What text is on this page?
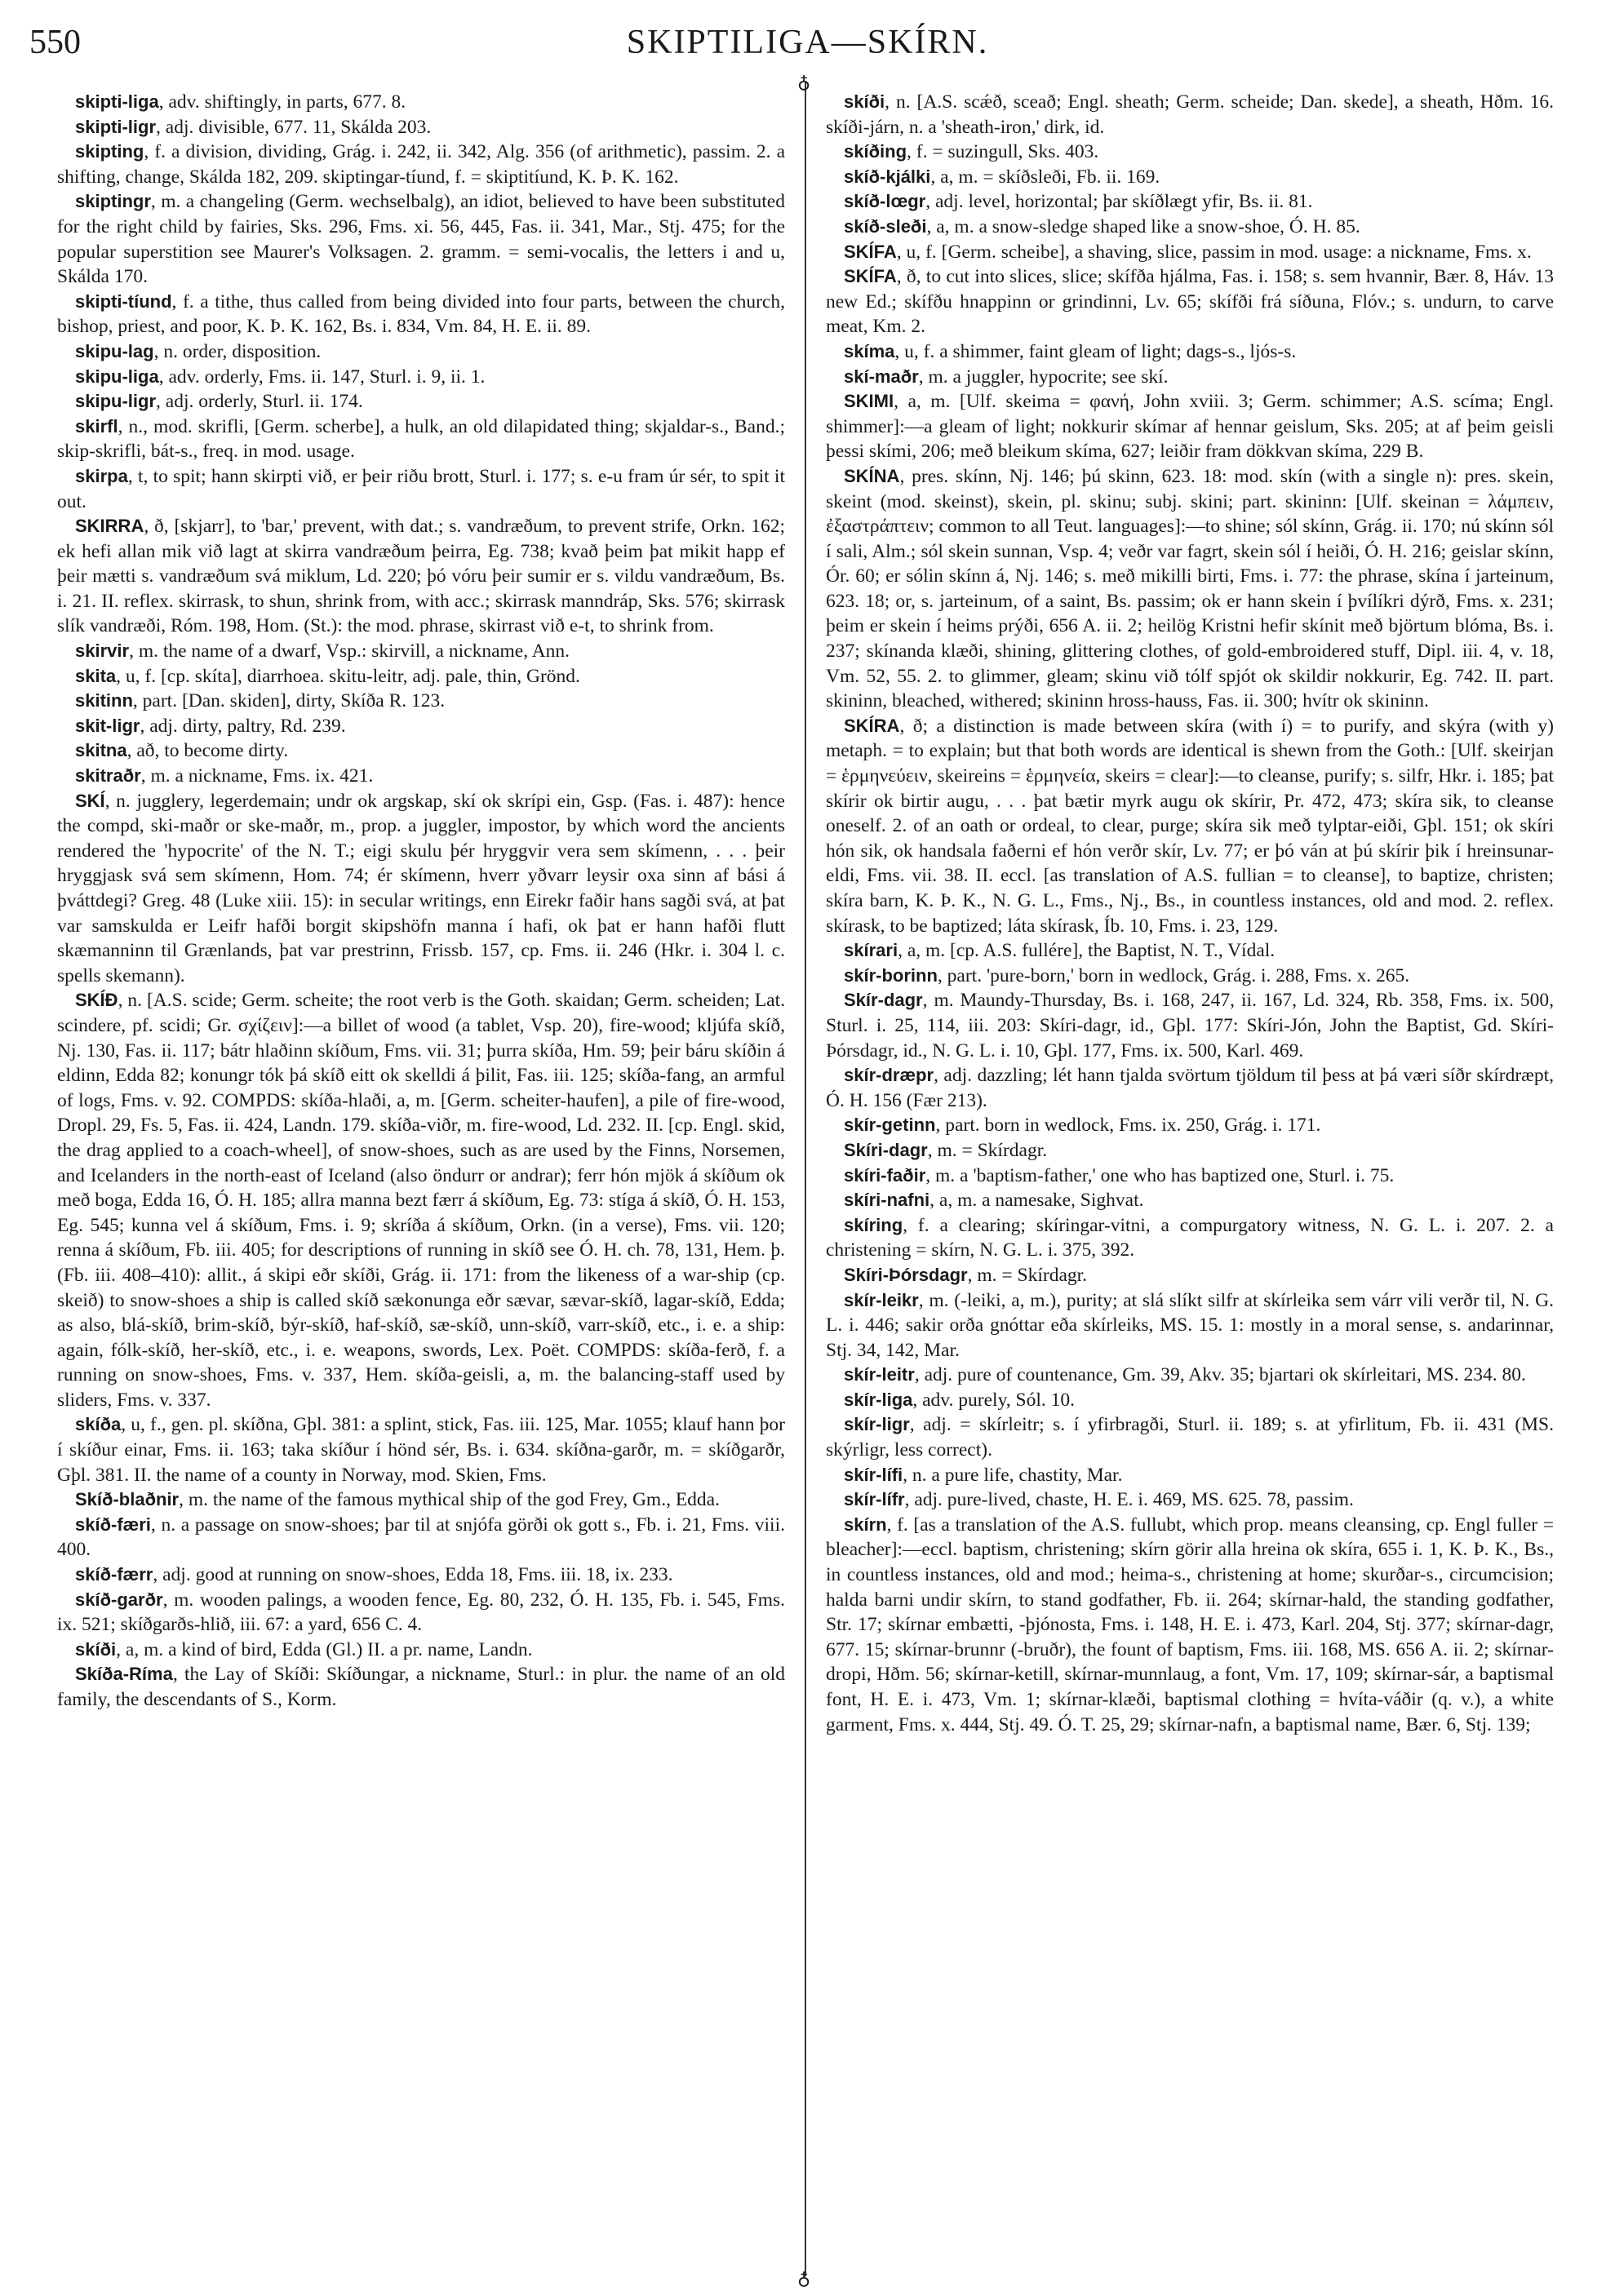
550	SKIPTILIGA—SKÍRN.
♁
♁

skipti-liga, adv. shiftingly, in parts, 677. 8.

skipti-ligr, adj. divisible, 677. 11, Skálda 203.

skipting, f. a division, dividing, Grág. i. 242, ii. 342, Alg. 356 (of arithmetic), passim. 2. a shifting, change, Skálda 182, 209. skiptingar-tíund, f. = skiptitíund, K. Þ. K. 162.

skiptingr, m. a changeling (Germ. wechselbalg), an idiot, believed to have been substituted for the right child by fairies, Sks. 296, Fms. xi. 56, 445, Fas. ii. 341, Mar., Stj. 475; for the popular superstition see Maurer's Volksagen. 2. gramm. = semi-vocalis, the letters i and u, Skálda 170.

skipti-tíund, f. a tithe, thus called from being divided into four parts, between the church, bishop, priest, and poor, K. Þ. K. 162, Bs. i. 834, Vm. 84, H. E. ii. 89.

skipu-lag, n. order, disposition.

skipu-liga, adv. orderly, Fms. ii. 147, Sturl. i. 9, ii. 1.

skipu-ligr, adj. orderly, Sturl. ii. 174.

skirfl, n., mod. skrifli, [Germ. scherbe], a hulk, an old dilapidated thing; skjaldar-s., Band.; skip-skrifli, bát-s., freq. in mod. usage.

skirpa, t, to spit; hann skirpti við, er þeir riðu brott, Sturl. i. 177; s. e-u fram úr sér, to spit it out.

SKIRRA, ð, [skjarr], to 'bar,' prevent, with dat.; s. vandræðum, to prevent strife, Orkn. 162; ek hefi allan mik við lagt at skirra vandræðum þeirra, Eg. 738; kvað þeim þat mikit happ ef þeir mætti s. vandræðum svá miklum, Ld. 220; þó vóru þeir sumir er s. vildu vandræðum, Bs. i. 21. II. reflex. skirrask, to shun, shrink from, with acc.; skirrask manndráp, Sks. 576; skirrask slík vandræði, Róm. 198, Hom. (St.): the mod. phrase, skirrast við e-t, to shrink from.

skirvir, m. the name of a dwarf, Vsp.: skirvill, a nickname, Ann.

skita, u, f. [cp. skíta], diarrhoea. skitu-leitr, adj. pale, thin, Grönd.

skitinn, part. [Dan. skiden], dirty, Skíða R. 123.

skit-ligr, adj. dirty, paltry, Rd. 239.

skitna, að, to become dirty.

skitraðr, m. a nickname, Fms. ix. 421.

SKÍ, n. jugglery, legerdemain; undr ok argskap, skí ok skrípi ein, Gsp. (Fas. i. 487): hence the compd, ski-maðr or ske-maðr, m., prop. a juggler, impostor, by which word the ancients rendered the 'hypocrite' of the N. T.; eigi skulu þér hryggvir vera sem skímenn, . . . þeir hryggjask svá sem skímenn, Hom. 74; ér skímenn, hverr yðvarr leysir oxa sinn af bási á þváttdegi? Greg. 48 (Luke xiii. 15): in secular writings, enn Eirekr faðir hans sagði svá, at þat var samskulda er Leifr hafði borgit skipshöfn manna í hafi, ok þat er hann hafði flutt skæmanninn til Grænlands, þat var prestrinn, Frissb. 157, cp. Fms. ii. 246 (Hkr. i. 304 l. c. spells skemann).

SKÍÐ, n. [A.S. scide; Germ. scheite; the root verb is the Goth. skaidan; Germ. scheiden; Lat. scindere, pf. scidi; Gr. σχίζειν]:—a billet of wood (a tablet, Vsp. 20), fire-wood; kljúfa skíð, Nj. 130, Fas. ii. 117; bátr hlaðinn skíðum, Fms. vii. 31; þurra skíða, Hm. 59; þeir báru skíðin á eldinn, Edda 82; konungr tók þá skíð eitt ok skelldi á þilit, Fas. iii. 125; skíða-fang, an armful of logs, Fms. v. 92. COMPDS: skíða-hlaði, a, m. [Germ. scheiter-haufen], a pile of fire-wood, Dropl. 29, Fs. 5, Fas. ii. 424, Landn. 179. skíða-viðr, m. fire-wood, Ld. 232. II. [cp. Engl. skid, the drag applied to a coach-wheel], of snow-shoes, such as are used by the Finns, Norsemen, and Icelanders in the north-east of Iceland (also öndurr or andrar); ferr hón mjök á skíðum ok með boga, Edda 16, Ó. H. 185; allra manna bezt færr á skíðum, Eg. 73: stíga á skíð, Ó. H. 153, Eg. 545; kunna vel á skíðum, Fms. i. 9; skríða á skíðum, Orkn. (in a verse), Fms. vii. 120; renna á skíðum, Fb. iii. 405; for descriptions of running in skíð see Ó. H. ch. 78, 131, Hem. þ. (Fb. iii. 408–410): allit., á skipi eðr skíði, Grág. ii. 171: from the likeness of a war-ship (cp. skeið) to snow-shoes a ship is called skíð sækonunga eðr sævar, sævar-skíð, lagar-skíð, Edda; as also, blá-skíð, brim-skíð, býr-skíð, haf-skíð, sæ-skíð, unn-skíð, varr-skíð, etc., i. e. a ship: again, fólk-skíð, her-skíð, etc., i. e. weapons, swords, Lex. Poët. COMPDS: skíða-ferð, f. a running on snow-shoes, Fms. v. 337, Hem. skíða-geisli, a, m. the balancing-staff used by sliders, Fms. v. 337.

skíða, u, f., gen. pl. skíðna, Gþl. 381: a splint, stick, Fas. iii. 125, Mar. 1055; klauf hann þor í skíður einar, Fms. ii. 163; taka skíður í hönd sér, Bs. i. 634. skíðna-garðr, m. = skíðgarðr, Gþl. 381. II. the name of a county in Norway, mod. Skien, Fms.

Skíð-blaðnir, m. the name of the famous mythical ship of the god Frey, Gm., Edda.

skíð-færi, n. a passage on snow-shoes; þar til at snjófa görði ok gott s., Fb. i. 21, Fms. viii. 400.

skíð-færr, adj. good at running on snow-shoes, Edda 18, Fms. iii. 18, ix. 233.

skíð-garðr, m. wooden palings, a wooden fence, Eg. 80, 232, Ó. H. 135, Fb. i. 545, Fms. ix. 521; skíðgarðs-hlið, iii. 67: a yard, 656 C. 4.

skíði, a, m. a kind of bird, Edda (Gl.) II. a pr. name, Landn.

Skíða-Ríma, the Lay of Skíði: Skíðungar, a nickname, Sturl.: in plur. the name of an old family, the descendants of S., Korm.

skíði, n. [A.S. scǽð, sceað; Engl. sheath; Germ. scheide; Dan. skede], a sheath, Hðm. 16. skíði-járn, n. a 'sheath-iron,' dirk, id.

skíðing, f. = suzingull, Sks. 403.

skíð-kjálki, a, m. = skíðsleði, Fb. ii. 169.

skíð-lœgr, adj. level, horizontal; þar skíðlægt yfir, Bs. ii. 81.

skíð-sleði, a, m. a snow-sledge shaped like a snow-shoe, Ó. H. 85.

SKÍFA, u, f. [Germ. scheibe], a shaving, slice, passim in mod. usage: a nickname, Fms. x.

SKÍFA, ð, to cut into slices, slice; skífða hjálma, Fas. i. 158; s. sem hvannir, Bær. 8, Háv. 13 new Ed.; skífðu hnappinn or grindinni, Lv. 65; skífði frá síðuna, Flóv.; s. undurn, to carve meat, Km. 2.

skíma, u, f. a shimmer, faint gleam of light; dags-s., ljós-s.

skí-maðr, m. a juggler, hypocrite; see skí.

SKIMI, a, m. [Ulf. skeima = φανή, John xviii. 3; Germ. schimmer; A.S. scíma; Engl. shimmer]:—a gleam of light; nokkurir skímar af hennar geislum, Sks. 205; at af þeim geisli þessi skími, 206; með bleikum skíma, 627; leiðir fram dökkvan skíma, 229 B.

SKÍNA, pres. skínn, Nj. 146; þú skinn, 623. 18: mod. skín (with a single n): pres. skein, skeint (mod. skeinst), skein, pl. skinu; subj. skini; part. skininn: [Ulf. skeinan = λάμπειν, ἐξαστράπτειν; common to all Teut. languages]:—to shine; sól skínn, Grág. ii. 170; nú skínn sól í sali, Alm.; sól skein sunnan, Vsp. 4; veðr var fagrt, skein sól í heiði, Ó. H. 216; geislar skínn, Ór. 60; er sólin skínn á, Nj. 146; s. með mikilli birti, Fms. i. 77: the phrase, skína í jarteinum, 623. 18; or, s. jarteinum, of a saint, Bs. passim; ok er hann skein í þvílíkri dýrð, Fms. x. 231; þeim er skein í heims prýði, 656 A. ii. 2; heilög Kristni hefir skínit með björtum blóma, Bs. i. 237; skínanda klæði, shining, glittering clothes, of gold-embroidered stuff, Dipl. iii. 4, v. 18, Vm. 52, 55. 2. to glimmer, gleam; skinu við tólf spjót ok skildir nokkurir, Eg. 742. II. part. skininn, bleached, withered; skininn hross-hauss, Fas. ii. 300; hvítr ok skininn.

SKÍRA, ð; a distinction is made between skíra (with í) = to purify, and skýra (with y) metaph. = to explain; but that both words are identical is shewn from the Goth.: [Ulf. skeirjan = ἑρμηνεύειν, skeireins = ἑρμηνεία, skeirs = clear]:—to cleanse, purify; s. silfr, Hkr. i. 185; þat skírir ok birtir augu, . . . þat bætir myrk augu ok skírir, Pr. 472, 473; skíra sik, to cleanse oneself. 2. of an oath or ordeal, to clear, purge; skíra sik með tylptar-eiði, Gþl. 151; ok skíri hón sik, ok handsala faðerni ef hón verðr skír, Lv. 77; er þó ván at þú skírir þik í hreinsunar-eldi, Fms. vii. 38. II. eccl. [as translation of A.S. fullian = to cleanse], to baptize, christen; skíra barn, K. Þ. K., N. G. L., Fms., Nj., Bs., in countless instances, old and mod. 2. reflex. skírask, to be baptized; láta skírask, Íb. 10, Fms. i. 23, 129.

skírari, a, m. [cp. A.S. fullére], the Baptist, N. T., Vídal.

skír-borinn, part. 'pure-born,' born in wedlock, Grág. i. 288, Fms. x. 265.

Skír-dagr, m. Maundy-Thursday, Bs. i. 168, 247, ii. 167, Ld. 324, Rb. 358, Fms. ix. 500, Sturl. i. 25, 114, iii. 203: Skíri-dagr, id., Gþl. 177: Skíri-Jón, John the Baptist, Gd. Skíri-Þórsdagr, id., N. G. L. i. 10, Gþl. 177, Fms. ix. 500, Karl. 469.

skír-dræpr, adj. dazzling; lét hann tjalda svörtum tjöldum til þess at þá væri síðr skírdræpt, Ó. H. 156 (Fær 213).

skír-getinn, part. born in wedlock, Fms. ix. 250, Grág. i. 171.

Skíri-dagr, m. = Skírdagr.

skíri-faðir, m. a 'baptism-father,' one who has baptized one, Sturl. i. 75.

skíri-nafni, a, m. a namesake, Sighvat.

skíring, f. a clearing; skíringar-vitni, a compurgatory witness, N. G. L. i. 207. 2. a christening = skírn, N. G. L. i. 375, 392.

Skíri-Þórsdagr, m. = Skírdagr.

skír-leikr, m. (-leiki, a, m.), purity; at slá slíkt silfr at skírleika sem várr vili verðr til, N. G. L. i. 446; sakir orða gnóttar eða skírleiks, MS. 15. 1: mostly in a moral sense, s. andarinnar, Stj. 34, 142, Mar.

skír-leitr, adj. pure of countenance, Gm. 39, Akv. 35; bjartari ok skírleitari, MS. 234. 80.

skír-liga, adv. purely, Sól. 10.

skír-ligr, adj. = skírleitr; s. í yfirbragði, Sturl. ii. 189; s. at yfirlitum, Fb. ii. 431 (MS. skýrligr, less correct).

skír-lífi, n. a pure life, chastity, Mar.

skír-lífr, adj. pure-lived, chaste, H. E. i. 469, MS. 625. 78, passim.

skírn, f. [as a translation of the A.S. fullubt, which prop. means cleansing, cp. Engl fuller = bleacher]:—eccl. baptism, christening; skírn görir alla hreina ok skíra, 655 i. 1, K. Þ. K., Bs., in countless instances, old and mod.; heima-s., christening at home; skurðar-s., circumcision; halda barni undir skírn, to stand godfather, Fb. ii. 264; skírnar-hald, the standing godfather, Str. 17; skírnar embætti, -þjónosta, Fms. i. 148, H. E. i. 473, Karl. 204, Stj. 377; skírnar-dagr, 677. 15; skírnar-brunnr (-bruðr), the fount of baptism, Fms. iii. 168, MS. 656 A. ii. 2; skírnar-dropi, Hðm. 56; skírnar-ketill, skírnar-munnlaug, a font, Vm. 17, 109; skírnar-sár, a baptismal font, H. E. i. 473, Vm. 1; skírnar-klæði, baptismal clothing = hvíta-váðir (q. v.), a white garment, Fms. x. 444, Stj. 49. Ó. T. 25, 29; skírnar-nafn, a baptismal name, Bær. 6, Stj. 139;
